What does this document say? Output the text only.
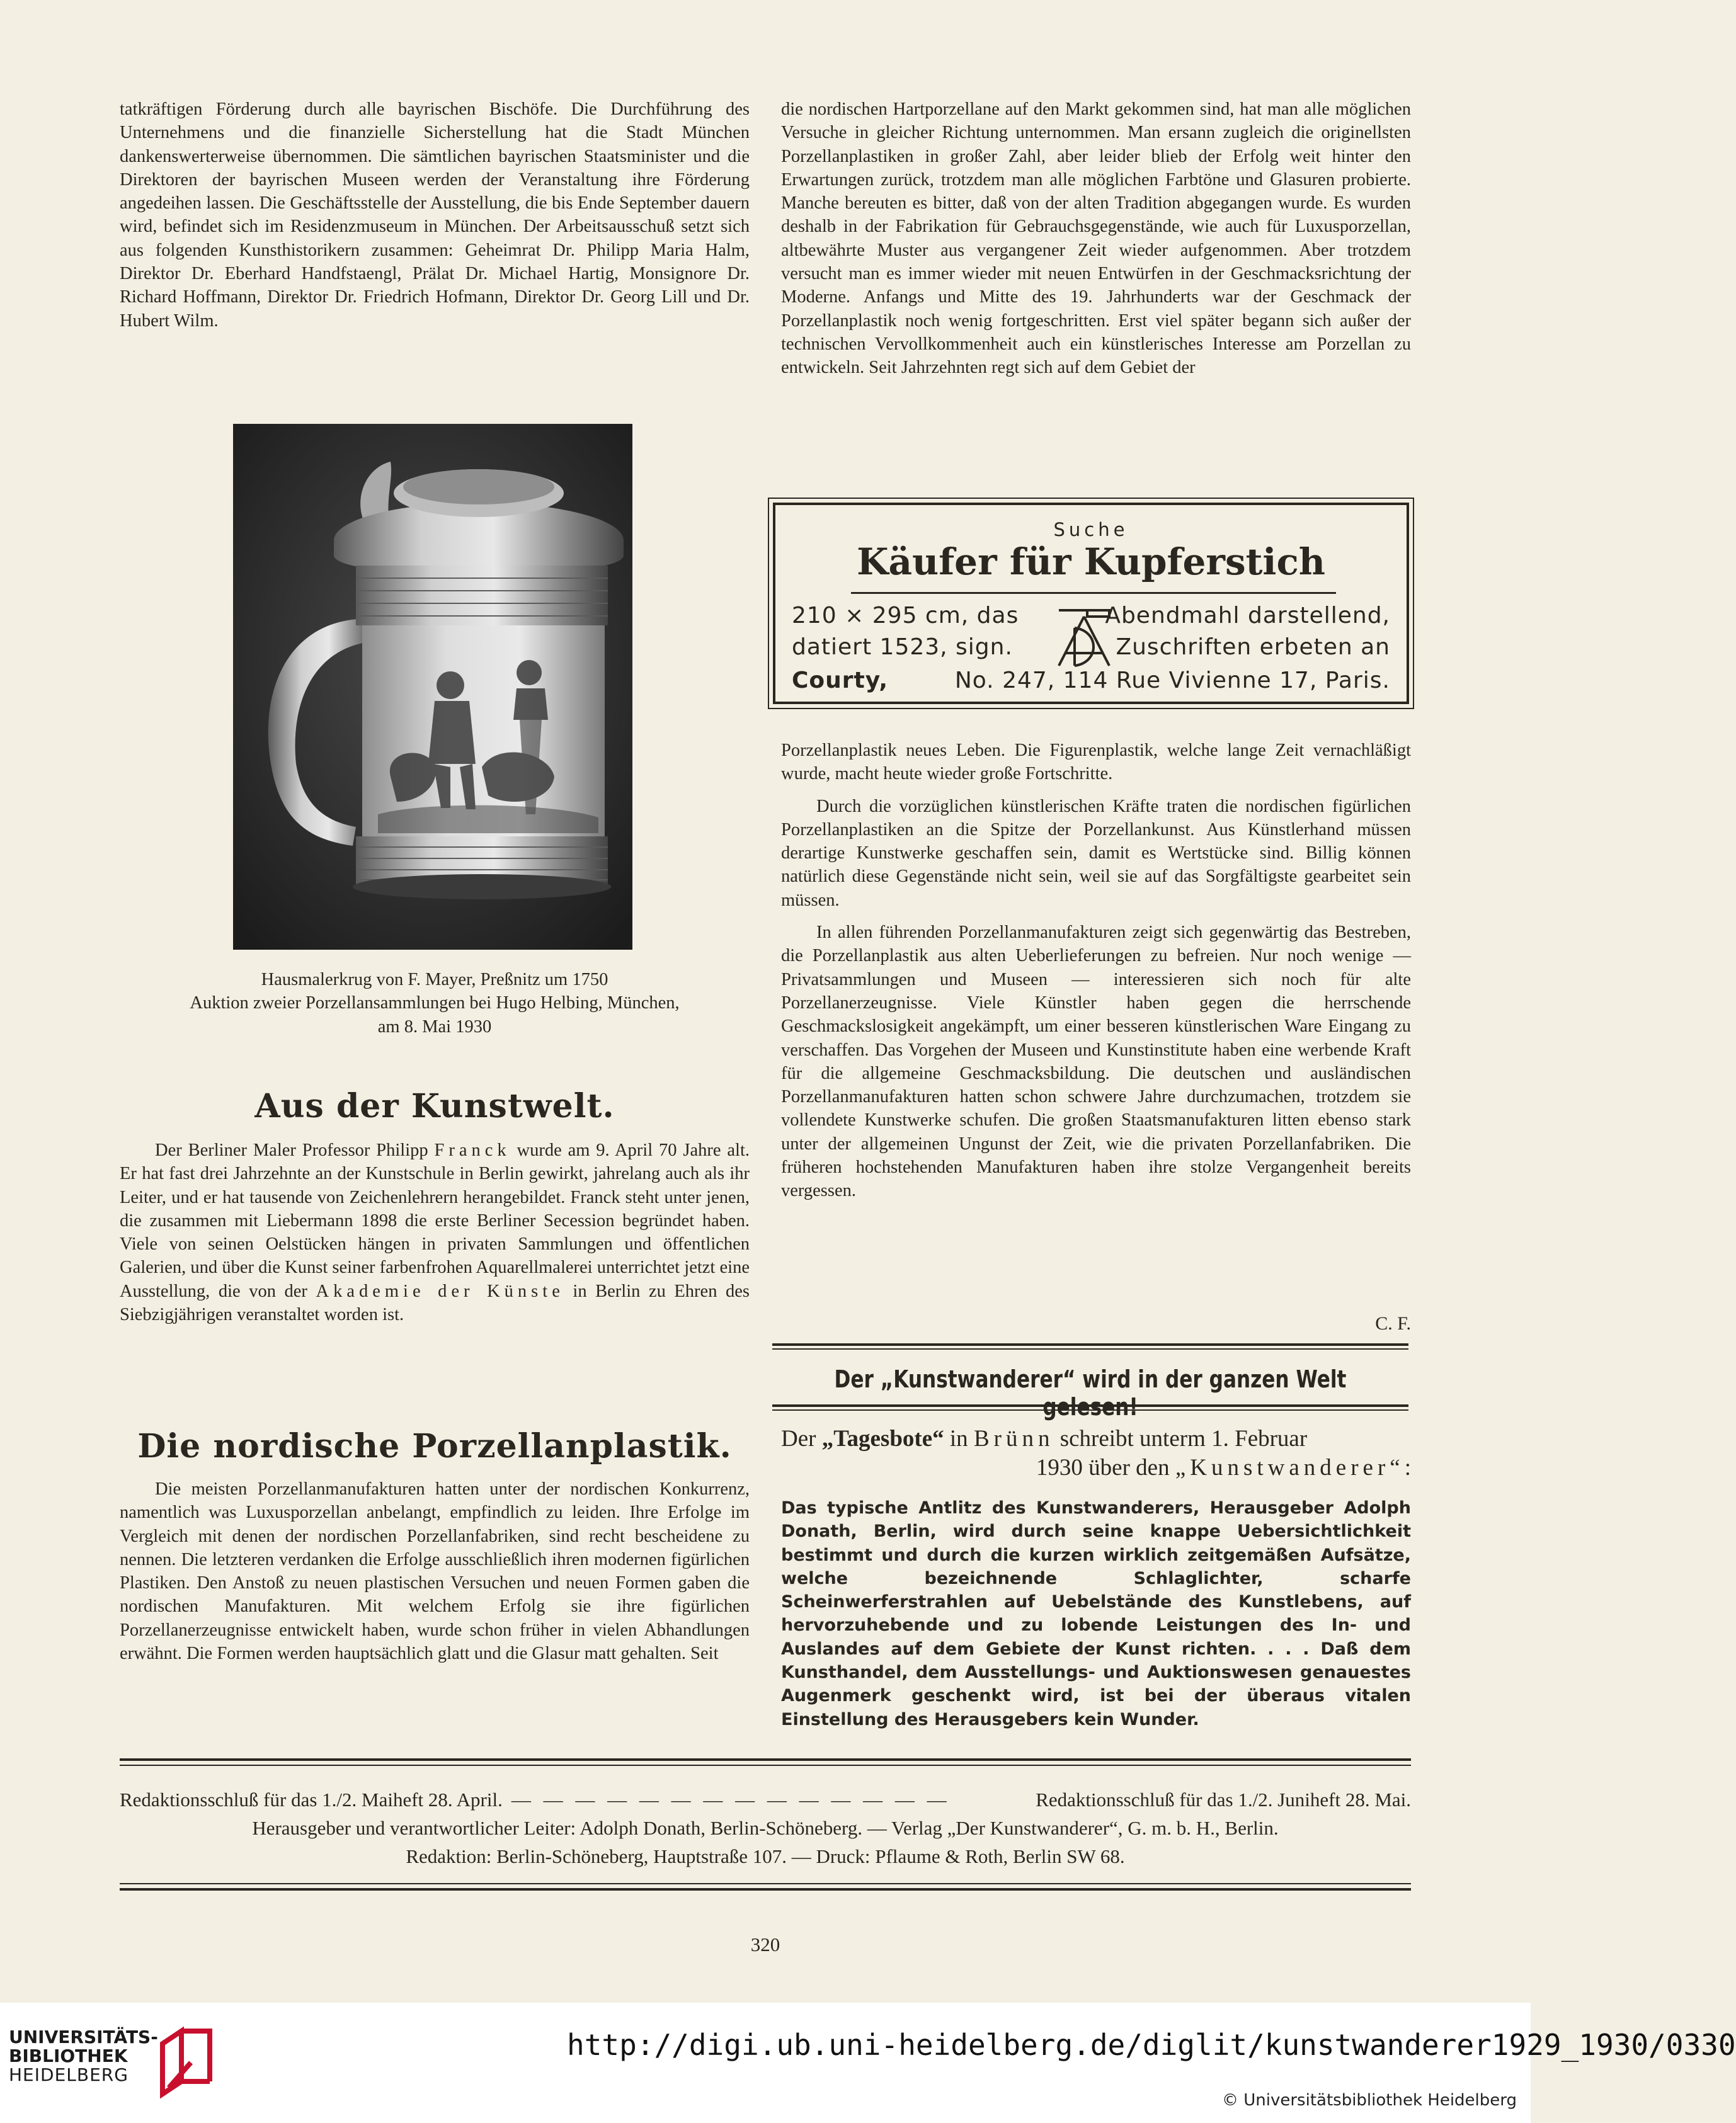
tatkräftigen Förderung durch alle bayrischen Bischöfe. Die Durchführung des Unternehmens und die finanzielle Sicherstellung hat die Stadt München dankenswerterweise übernommen. Die sämtlichen bayrischen Staatsminister und die Direktoren der bayrischen Museen werden der Veranstaltung ihre Förderung angedeihen lassen. Die Geschäftsstelle der Ausstellung, die bis Ende September dauern wird, befindet sich im Residenzmuseum in München. Der Arbeitsausschuß setzt sich aus folgenden Kunsthistorikern zusammen: Geheimrat Dr. Philipp Maria Halm, Direktor Dr. Eberhard Handfstaengl, Prälat Dr. Michael Hartig, Monsignore Dr. Richard Hoffmann, Direktor Dr. Friedrich Hofmann, Direktor Dr. Georg Lill und Dr. Hubert Wilm.

Hausmalerkrug von F. Mayer, Preßnitz um 1750
Auktion zweier Porzellansammlungen bei Hugo Helbing, München,
am 8. Mai 1930
Aus der Kunstwelt.

Der Berliner Maler Professor Philipp Franck wurde am 9. April 70 Jahre alt. Er hat fast drei Jahrzehnte an der Kunstschule in Berlin gewirkt, jahrelang auch als ihr Leiter, und er hat tausende von Zeichenlehrern herangebildet. Franck steht unter jenen, die zusammen mit Liebermann 1898 die erste Berliner Secession begründet haben. Viele von seinen Oelstücken hängen in privaten Sammlungen und öffentlichen Galerien, und über die Kunst seiner farbenfrohen Aquarellmalerei unterrichtet jetzt eine Ausstellung, die von der Akademie der Künste in Berlin zu Ehren des Siebzigjährigen veranstaltet worden ist.

Die nordische Porzellanplastik.

Die meisten Porzellanmanufakturen hatten unter der nordischen Konkurrenz, namentlich was Luxusporzellan anbelangt, empfindlich zu leiden. Ihre Erfolge im Vergleich mit denen der nordischen Porzellanfabriken, sind recht bescheidene zu nennen. Die letzteren verdanken die Erfolge ausschließlich ihren modernen figürlichen Plastiken. Den Anstoß zu neuen plastischen Versuchen und neuen Formen gaben die nordischen Manufakturen. Mit welchem Erfolg sie ihre figürlichen Porzellanerzeugnisse entwickelt haben, wurde schon früher in vielen Abhandlungen erwähnt. Die Formen werden hauptsächlich glatt und die Glasur matt gehalten. Seit

die nordischen Hartporzellane auf den Markt gekommen sind, hat man alle möglichen Versuche in gleicher Richtung unternommen. Man ersann zugleich die originellsten Porzellanplastiken in großer Zahl, aber leider blieb der Erfolg weit hinter den Erwartungen zurück, trotzdem man alle möglichen Farbtöne und Glasuren probierte. Manche bereuten es bitter, daß von der alten Tradition abgegangen wurde. Es wurden deshalb in der Fabrikation für Gebrauchsgegenstände, wie auch für Luxusporzellan, altbewährte Muster aus vergangener Zeit wieder aufgenommen. Aber trotzdem versucht man es immer wieder mit neuen Entwürfen in der Geschmacksrichtung der Moderne. Anfangs und Mitte des 19. Jahrhunderts war der Geschmack der Porzellanplastik noch wenig fortgeschritten. Erst viel später begann sich außer der technischen Vervollkommenheit auch ein künstlerisches Interesse am Porzellan zu entwickeln. Seit Jahrzehnten regt sich auf dem Gebiet der

Suche
Käufer für Kupferstich
210 × 295 cm, das	Abendmahl darstellend,
datiert 1523, sign.	Zuschriften erbeten an
Courty,	No. 247, 114 Rue Vivienne 17, Paris.

Porzellanplastik neues Leben. Die Figurenplastik, welche lange Zeit vernachläßigt wurde, macht heute wieder große Fortschritte.

Durch die vorzüglichen künstlerischen Kräfte traten die nordischen figürlichen Porzellanplastiken an die Spitze der Porzellankunst. Aus Künstlerhand müssen derartige Kunstwerke geschaffen sein, damit es Wertstücke sind. Billig können natürlich diese Gegenstände nicht sein, weil sie auf das Sorgfältigste gearbeitet sein müssen.

In allen führenden Porzellanmanufakturen zeigt sich gegenwärtig das Bestreben, die Porzellanplastik aus alten Ueberlieferungen zu befreien. Nur noch wenige — Privatsammlungen und Museen — interessieren sich noch für alte Porzellanerzeugnisse. Viele Künstler haben gegen die herrschende Geschmackslosigkeit angekämpft, um einer besseren künstlerischen Ware Eingang zu verschaffen. Das Vorgehen der Museen und Kunstinstitute haben eine werbende Kraft für die allgemeine Geschmacksbildung. Die deutschen und ausländischen Porzellanmanufakturen hatten schon schwere Jahre durchzumachen, trotzdem sie vollendete Kunstwerke schufen. Die großen Staatsmanufakturen litten ebenso stark unter der allgemeinen Ungunst der Zeit, wie die privaten Porzellanfabriken. Die früheren hochstehenden Manufakturen haben ihre stolze Vergangenheit bereits vergessen.

C. F.
Der „Kunstwanderer“ wird in der ganzen Welt gelesen!
Der „Tagesbote“ in Brünn schreibt unterm 1. Februar
1930 über den „Kunstwanderer“:

Das typische Antlitz des Kunstwanderers, Herausgeber Adolph Donath, Berlin, wird durch seine knappe Uebersichtlichkeit bestimmt und durch die kurzen wirklich zeitgemäßen Aufsätze, welche bezeichnende Schlaglichter, scharfe Scheinwerferstrahlen auf Uebelstände des Kunstlebens, auf hervorzuhebende und zu lobende Leistungen des In- und Auslandes auf dem Gebiete der Kunst richten. . . . Daß dem Kunsthandel, dem Ausstellungs- und Auktionswesen genauestes Augenmerk geschenkt wird, ist bei der überaus vitalen Einstellung des Herausgebers kein Wunder.

Redaktionsschluß für das 1./2. Maiheft 28. April. — — — — — — — — — — — — — —	Redaktionsschluß für das 1./2. Juniheft 28. Mai.
Herausgeber und verantwortlicher Leiter: Adolph Donath, Berlin-Schöneberg. — Verlag „Der Kunstwanderer“, G. m. b. H., Berlin.
Redaktion: Berlin-Schöneberg, Hauptstraße 107. — Druck: Pflaume & Roth, Berlin SW 68.
320
UNIVERSITÄTS-
BIBLIOTHEK
HEIDELBERG
http://digi.ub.uni-heidelberg.de/diglit/kunstwanderer1929_1930/0330
© Universitätsbibliothek Heidelberg
